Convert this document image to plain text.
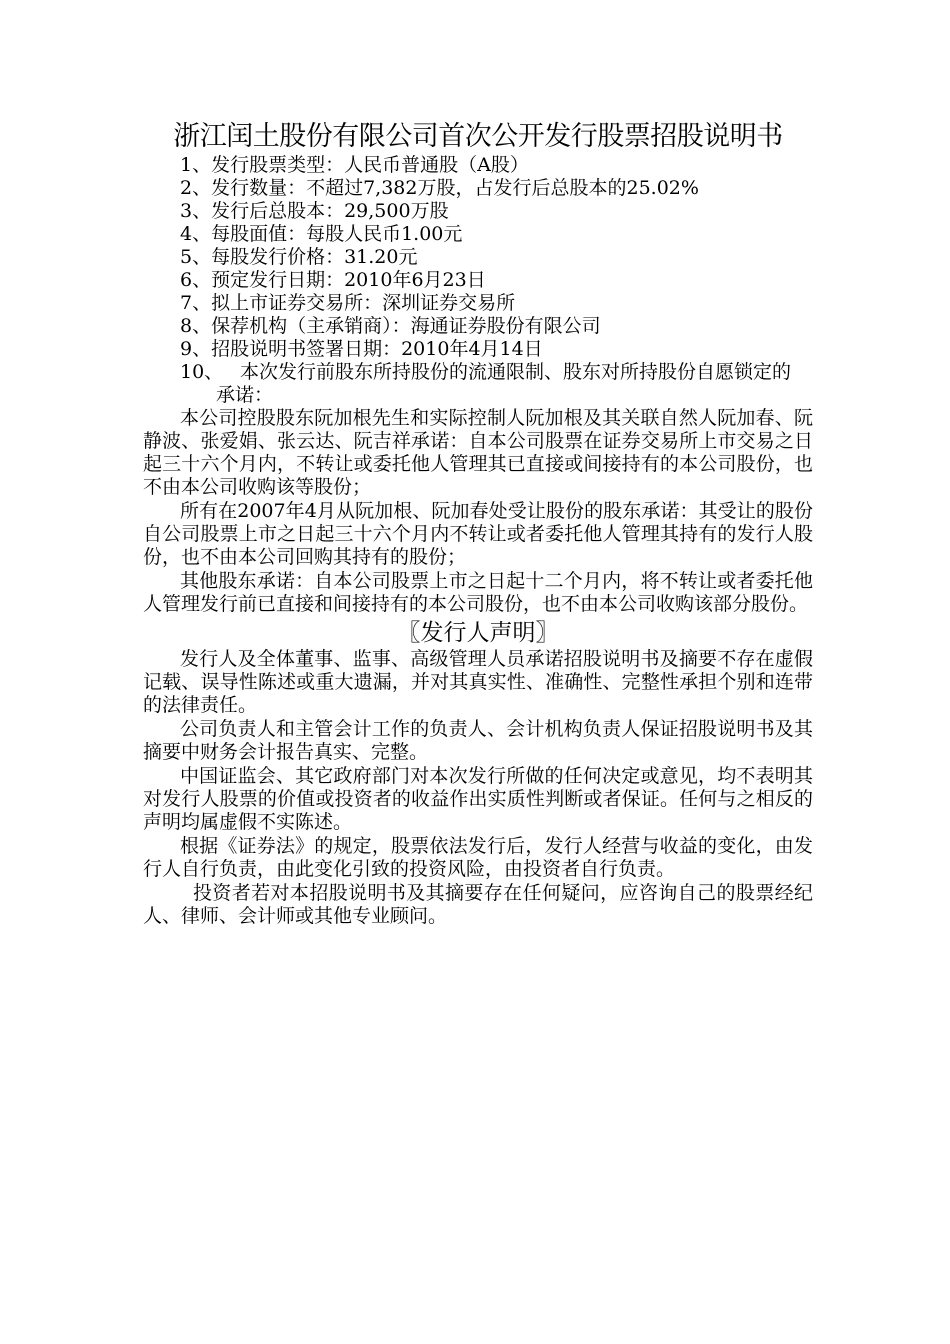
浙江闰土股份有限公司首次公开发行股票招股说明书
1、发行股票类型：人民币普通股（A股）
2、发行数量：不超过7,382万股，占发行后总股本的25.02%
3、发行后总股本：29,500万股
4、每股面值：每股人民币1.00元
5、每股发行价格：31.20元
6、预定发行日期：2010年6月23日
7、拟上市证券交易所：深圳证券交易所
8、保荐机构（主承销商）：海通证券股份有限公司
9、招股说明书签署日期：2010年4月14日
10、 本次发行前股东所持股份的流通限制、股东对所持股份自愿锁定的
承诺：

本公司控股股东阮加根先生和实际控制人阮加根及其关联自然人阮加春、阮静波、张爱娟、张云达、阮吉祥承诺：自本公司股票在证券交易所上市交易之日起三十六个月内，不转让或委托他人管理其已直接或间接持有的本公司股份，也不由本公司收购该等股份；

所有在2007年4月从阮加根、阮加春处受让股份的股东承诺：其受让的股份自公司股票上市之日起三十六个月内不转让或者委托他人管理其持有的发行人股份，也不由本公司回购其持有的股份；

其他股东承诺：自本公司股票上市之日起十二个月内，将不转让或者委托他人管理发行前已直接和间接持有的本公司股份，也不由本公司收购该部分股份。

〖发行人声明〗

发行人及全体董事、监事、高级管理人员承诺招股说明书及摘要不存在虚假记载、误导性陈述或重大遗漏，并对其真实性、准确性、完整性承担个别和连带的法律责任。

公司负责人和主管会计工作的负责人、会计机构负责人保证招股说明书及其摘要中财务会计报告真实、完整。

中国证监会、其它政府部门对本次发行所做的任何决定或意见，均不表明其对发行人股票的价值或投资者的收益作出实质性判断或者保证。任何与之相反的声明均属虚假不实陈述。

根据《证券法》的规定，股票依法发行后，发行人经营与收益的变化，由发行人自行负责，由此变化引致的投资风险，由投资者自行负责。

投资者若对本招股说明书及其摘要存在任何疑问，应咨询自己的股票经纪人、律师、会计师或其他专业顾问。
